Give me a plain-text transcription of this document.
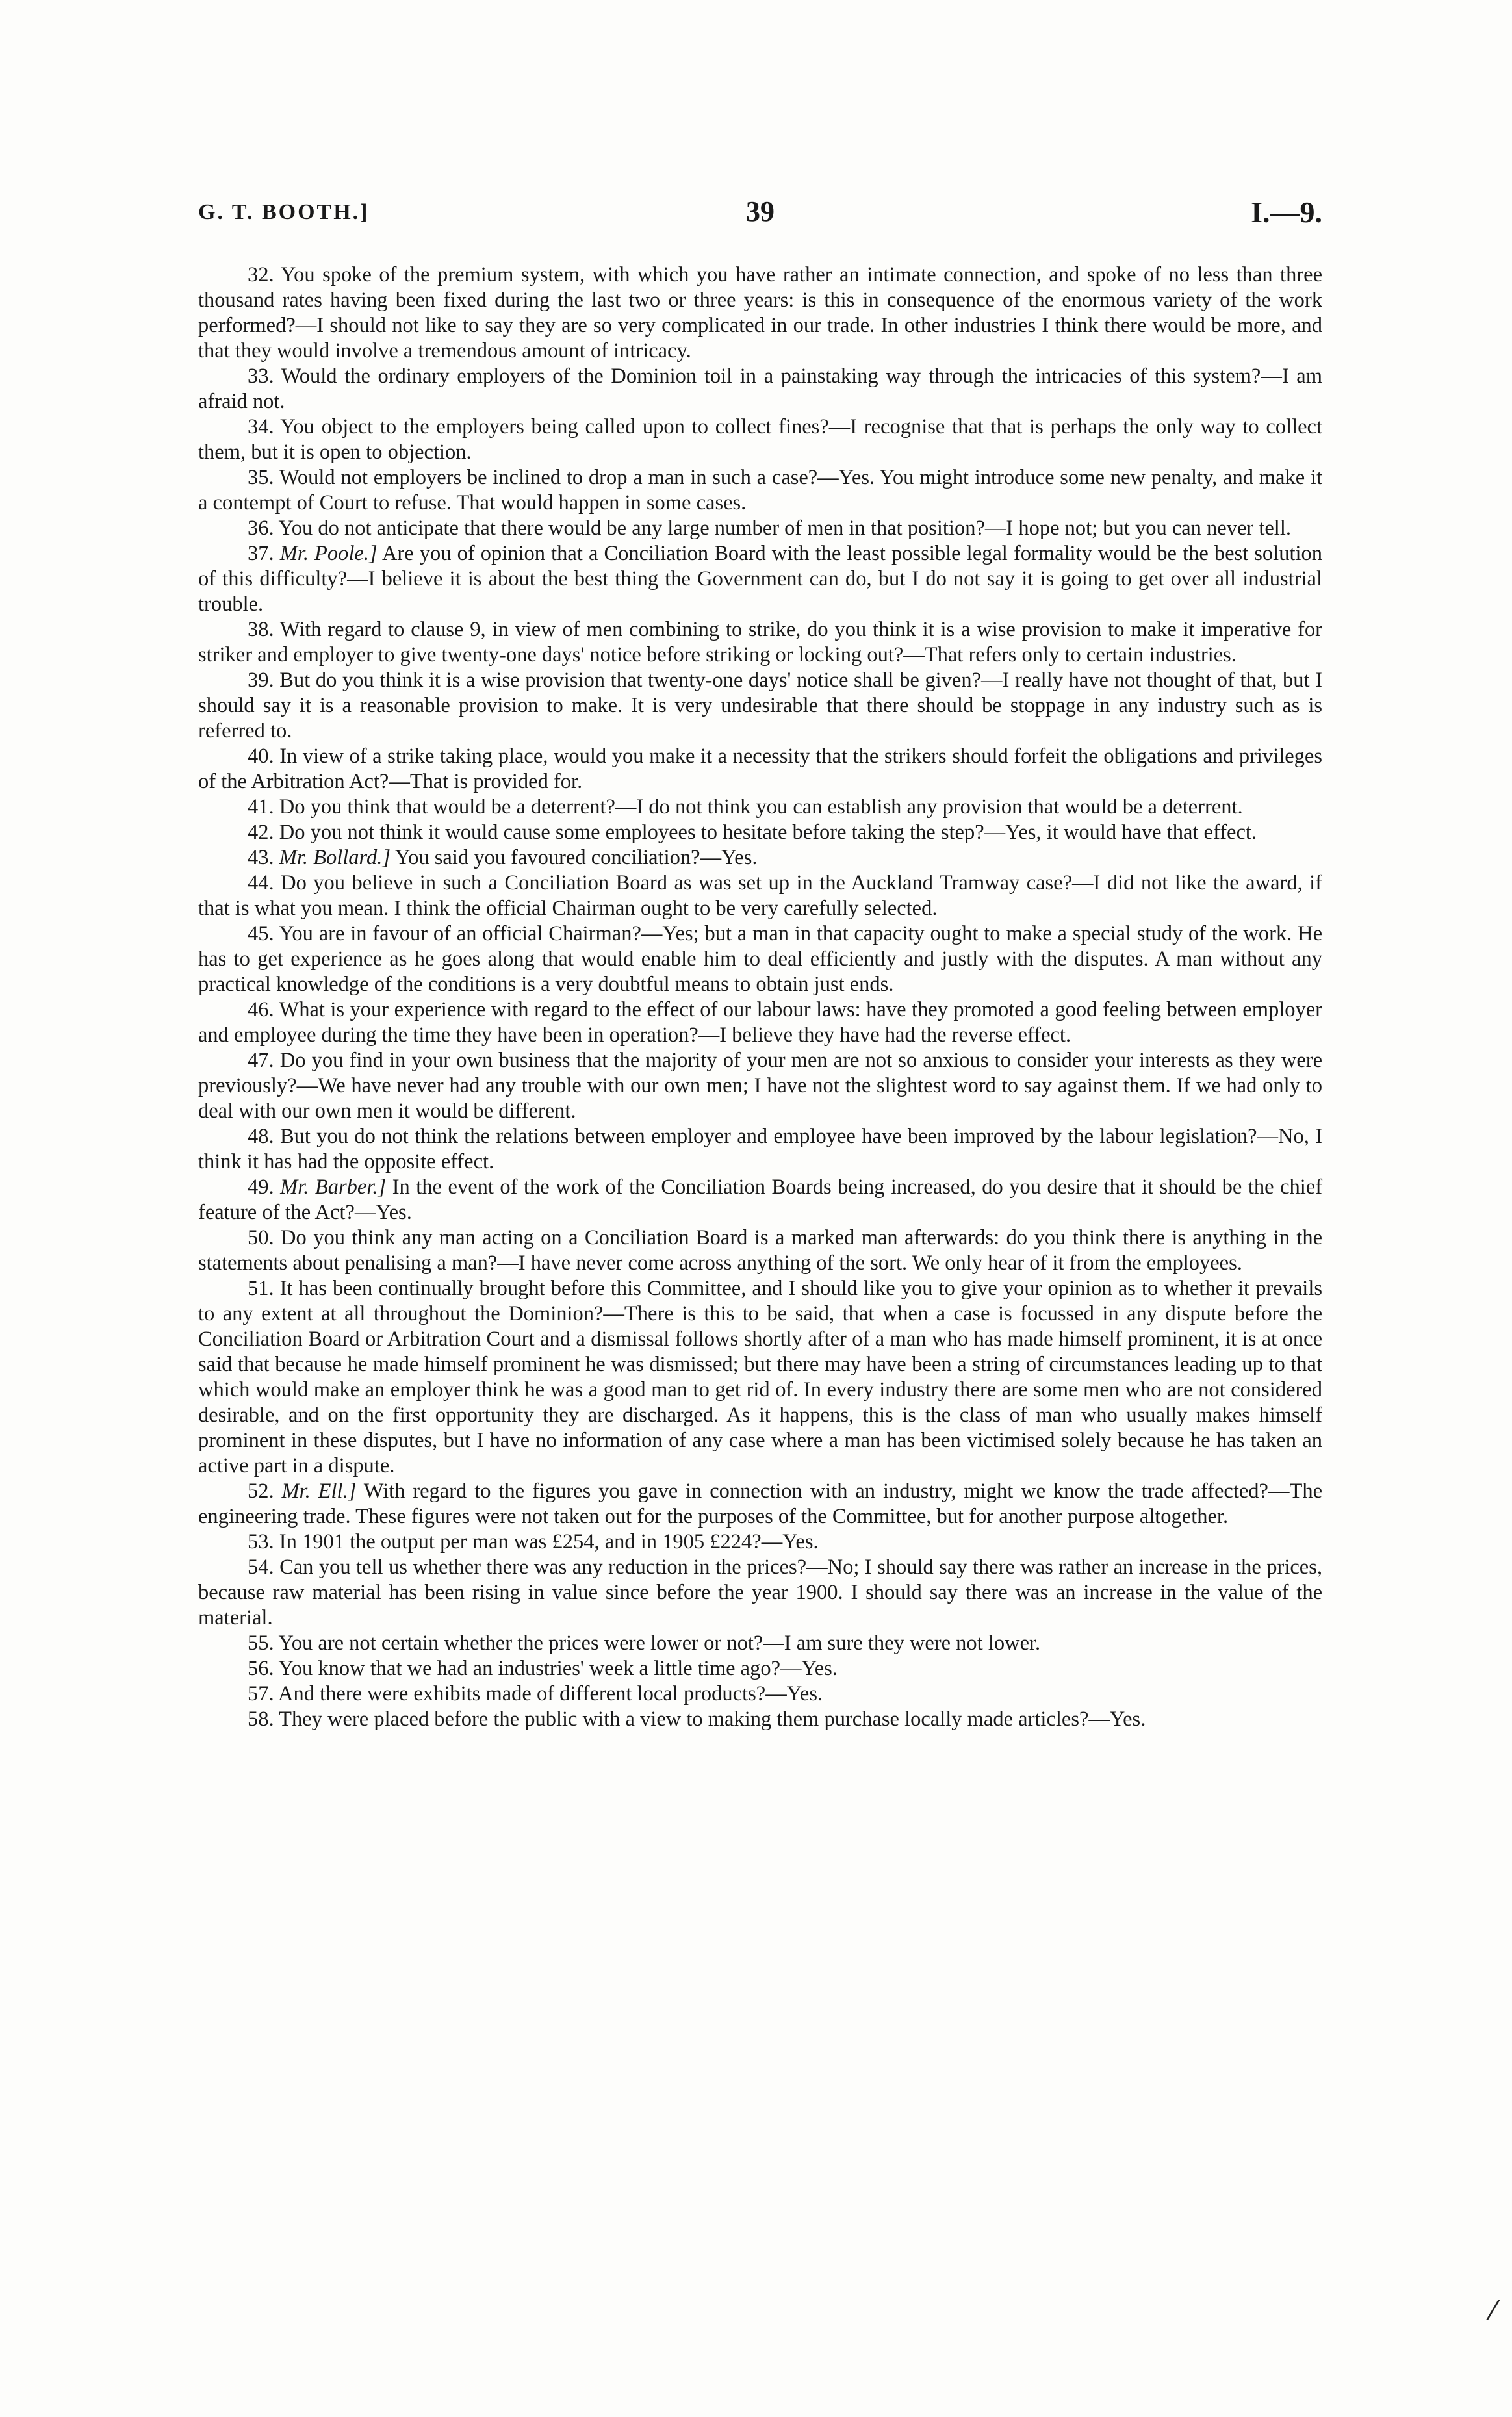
G. T. BOOTH.]	39	I.—9.

32. You spoke of the premium system, with which you have rather an intimate connection, and spoke of no less than three thousand rates having been fixed during the last two or three years: is this in consequence of the enormous variety of the work performed?—I should not like to say they are so very complicated in our trade. In other industries I think there would be more, and that they would involve a tremendous amount of intricacy.

33. Would the ordinary employers of the Dominion toil in a painstaking way through the intricacies of this system?—I am afraid not.

34. You object to the employers being called upon to collect fines?—I recognise that that is perhaps the only way to collect them, but it is open to objection.

35. Would not employers be inclined to drop a man in such a case?—Yes. You might introduce some new penalty, and make it a contempt of Court to refuse. That would happen in some cases.

36. You do not anticipate that there would be any large number of men in that position?—I hope not; but you can never tell.

37. Mr. Poole.] Are you of opinion that a Conciliation Board with the least possible legal formality would be the best solution of this difficulty?—I believe it is about the best thing the Government can do, but I do not say it is going to get over all industrial trouble.

38. With regard to clause 9, in view of men combining to strike, do you think it is a wise provision to make it imperative for striker and employer to give twenty-one days' notice before striking or locking out?—That refers only to certain industries.

39. But do you think it is a wise provision that twenty-one days' notice shall be given?—I really have not thought of that, but I should say it is a reasonable provision to make. It is very undesirable that there should be stoppage in any industry such as is referred to.

40. In view of a strike taking place, would you make it a necessity that the strikers should forfeit the obligations and privileges of the Arbitration Act?—That is provided for.

41. Do you think that would be a deterrent?—I do not think you can establish any provision that would be a deterrent.

42. Do you not think it would cause some employees to hesitate before taking the step?—Yes, it would have that effect.

43. Mr. Bollard.] You said you favoured conciliation?—Yes.

44. Do you believe in such a Conciliation Board as was set up in the Auckland Tramway case?—I did not like the award, if that is what you mean. I think the official Chairman ought to be very carefully selected.

45. You are in favour of an official Chairman?—Yes; but a man in that capacity ought to make a special study of the work. He has to get experience as he goes along that would enable him to deal efficiently and justly with the disputes. A man without any practical knowledge of the conditions is a very doubtful means to obtain just ends.

46. What is your experience with regard to the effect of our labour laws: have they promoted a good feeling between employer and employee during the time they have been in operation?—I believe they have had the reverse effect.

47. Do you find in your own business that the majority of your men are not so anxious to consider your interests as they were previously?—We have never had any trouble with our own men; I have not the slightest word to say against them. If we had only to deal with our own men it would be different.

48. But you do not think the relations between employer and employee have been improved by the labour legislation?—No, I think it has had the opposite effect.

49. Mr. Barber.] In the event of the work of the Conciliation Boards being increased, do you desire that it should be the chief feature of the Act?—Yes.

50. Do you think any man acting on a Conciliation Board is a marked man afterwards: do you think there is anything in the statements about penalising a man?—I have never come across anything of the sort. We only hear of it from the employees.

51. It has been continually brought before this Committee, and I should like you to give your opinion as to whether it prevails to any extent at all throughout the Dominion?—There is this to be said, that when a case is focussed in any dispute before the Conciliation Board or Arbitration Court and a dismissal follows shortly after of a man who has made himself prominent, it is at once said that because he made himself prominent he was dismissed; but there may have been a string of circumstances leading up to that which would make an employer think he was a good man to get rid of. In every industry there are some men who are not considered desirable, and on the first opportunity they are discharged. As it happens, this is the class of man who usually makes himself prominent in these disputes, but I have no information of any case where a man has been victimised solely because he has taken an active part in a dispute.

52. Mr. Ell.] With regard to the figures you gave in connection with an industry, might we know the trade affected?—The engineering trade. These figures were not taken out for the purposes of the Committee, but for another purpose altogether.

53. In 1901 the output per man was £254, and in 1905 £224?—Yes.

54. Can you tell us whether there was any reduction in the prices?—No; I should say there was rather an increase in the prices, because raw material has been rising in value since before the year 1900. I should say there was an increase in the value of the material.

55. You are not certain whether the prices were lower or not?—I am sure they were not lower.

56. You know that we had an industries' week a little time ago?—Yes.

57. And there were exhibits made of different local products?—Yes.

58. They were placed before the public with a view to making them purchase locally made articles?—Yes.

⁄
